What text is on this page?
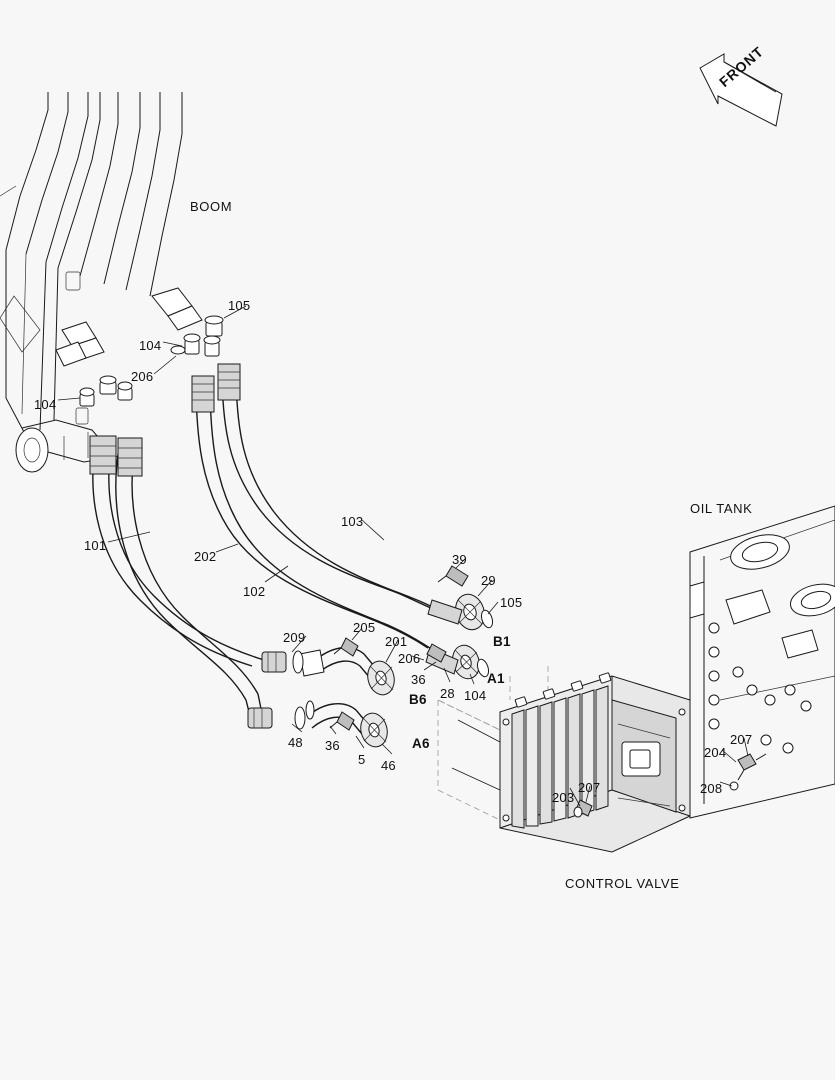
FRONT
BOOM
OIL TANK
CONTROL VALVE
B1
A1
B6
A6
105
104
206
104
101
202
102
103
39
29
105
209
205
201
206
36
28 104
48 36
5 46
203
207
207
204
208
